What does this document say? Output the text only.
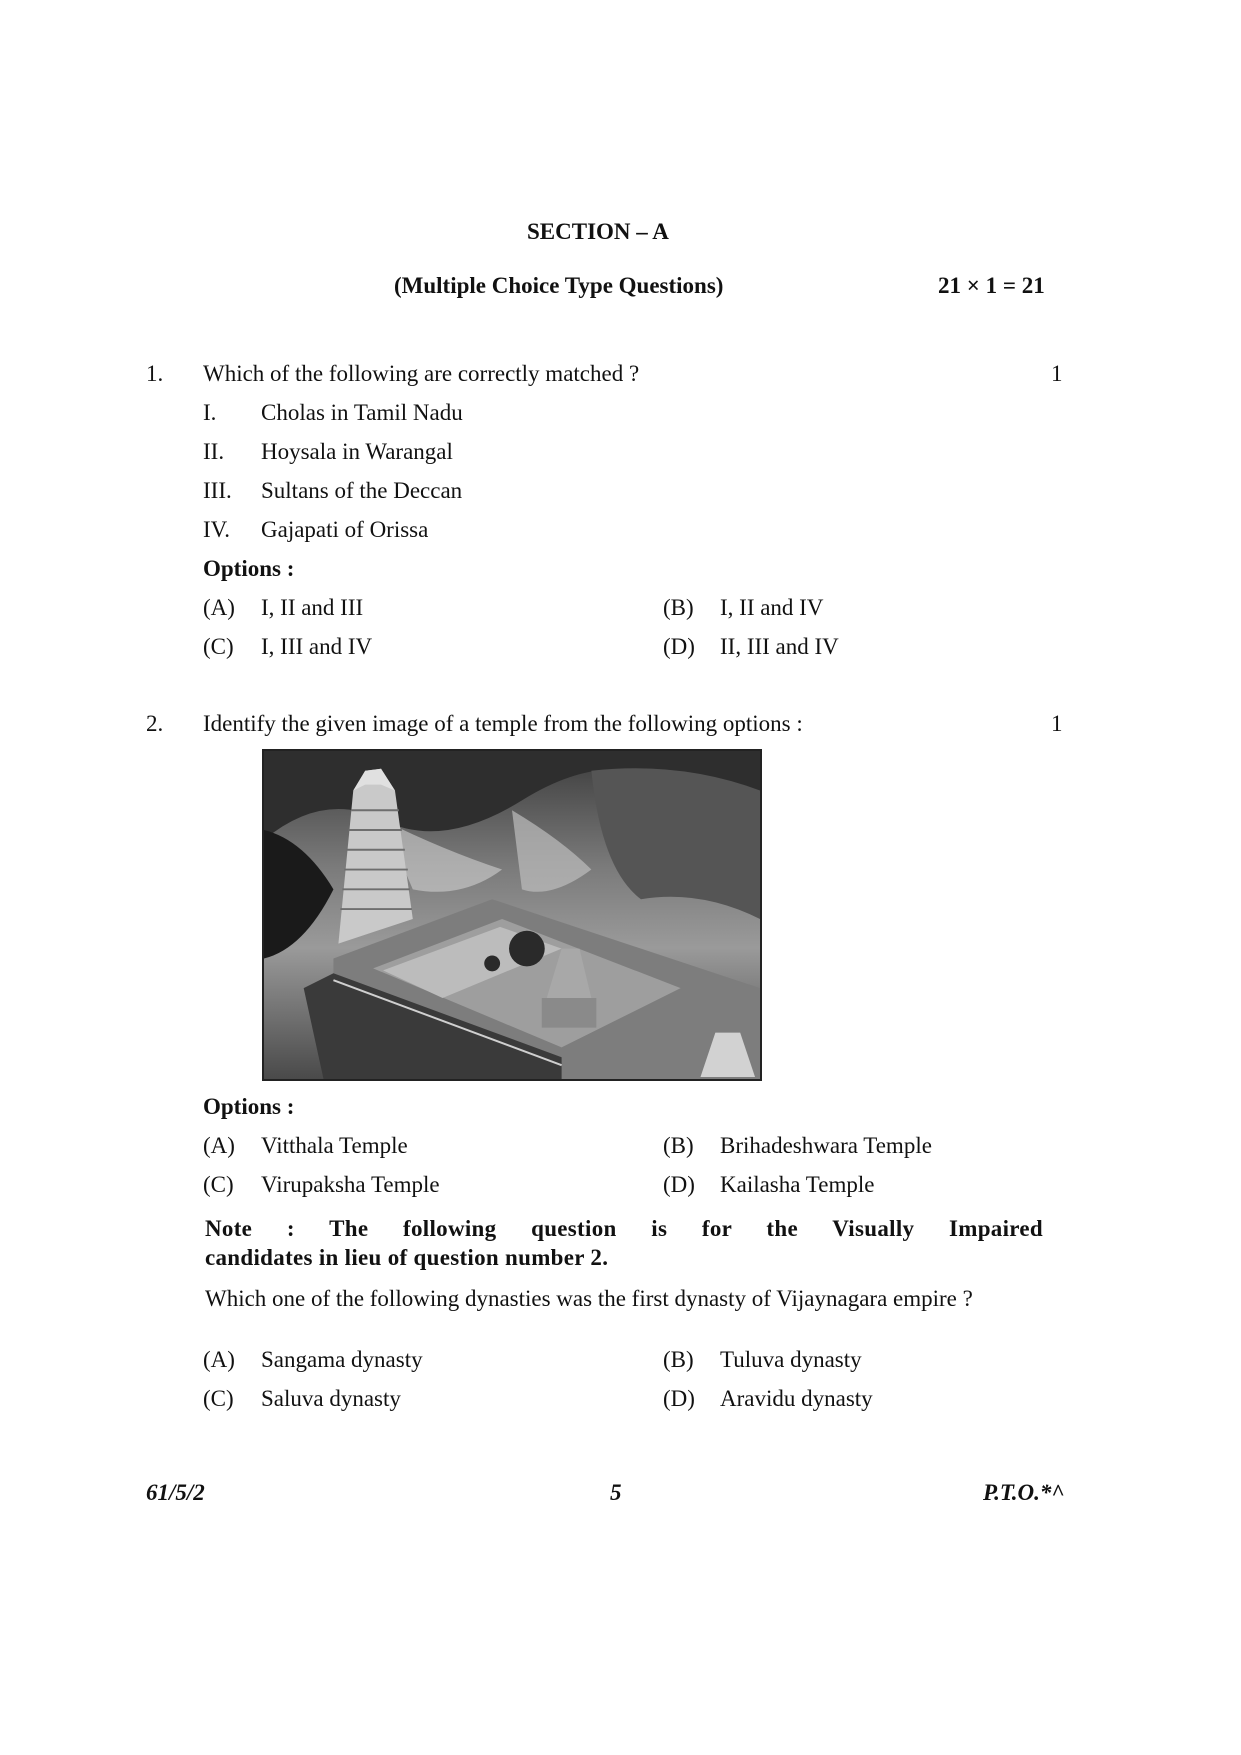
SECTION – A
(Multiple Choice Type Questions)	21 × 1 = 21
1. Which of the following are correctly matched ?	1
I. Cholas in Tamil Nadu
II. Hoysala in Warangal
III. Sultans of the Deccan
IV. Gajapati of Orissa
Options :
(A) I, II and III	(B) I, II and IV
(C) I, III and IV	(D) II, III and IV
2. Identify the given image of a temple from the following options :	1
Options :
(A) Vitthala Temple	(B) Brihadeshwara Temple
(C) Virupaksha Temple	(D) Kailasha Temple
Note : The following question is for the Visually Impaired
candidates in lieu of question number 2.
Which one of the following dynasties was the first dynasty of Vijaynagara empire ?
(A) Sangama dynasty	(B) Tuluva dynasty
(C) Saluva dynasty	(D) Aravidu dynasty
61/5/2	5	P.T.O.*^
